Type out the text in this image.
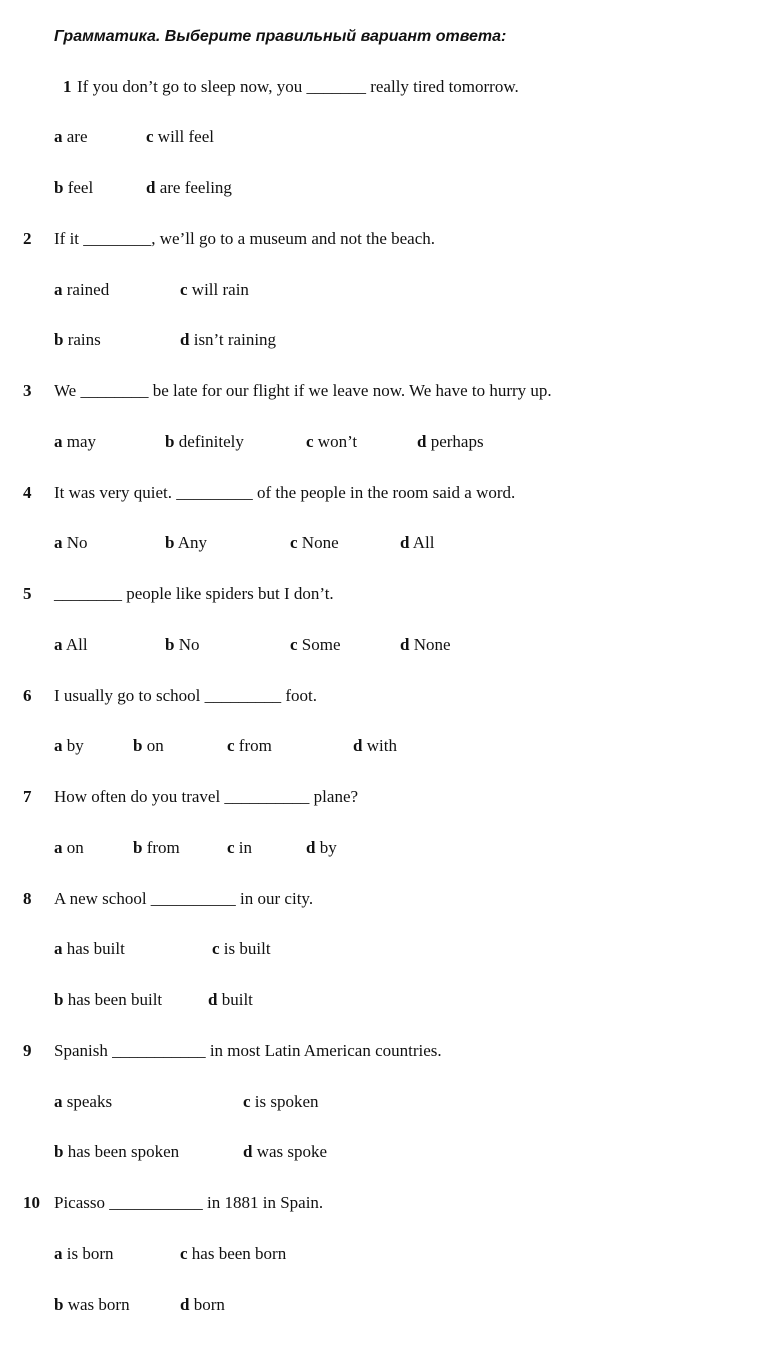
Грамматика. Выберите правильный вариант ответа:
1 If you don’t go to sleep now, you _______ really tired tomorrow.
a are	c will feel
b feel	d are feeling
2 If it ________, we’ll go to a museum and not the beach.
a rained	c will rain
b rains	d isn’t raining
3 We ________ be late for our flight if we leave now. We have to hurry up.
a may	b definitely	c won’t	d perhaps
4 It was very quiet. _________ of the people in the room said a word.
a No	b Any	c None	d All
5 ________ people like spiders but I don’t.
a All	b No	c Some	d None
6 I usually go to school _________ foot.
a by	b on	c from	d with
7 How often do you travel __________ plane?
a on	b from	c in	d by
8 A new school __________ in our city.
a has built	c is built
b has been built	d built
9 Spanish ___________ in most Latin American countries.
a speaks	c is spoken
b has been spoken	d was spoke
10 Picasso ___________ in 1881 in Spain.
a is born	c has been born
b was born	d born
